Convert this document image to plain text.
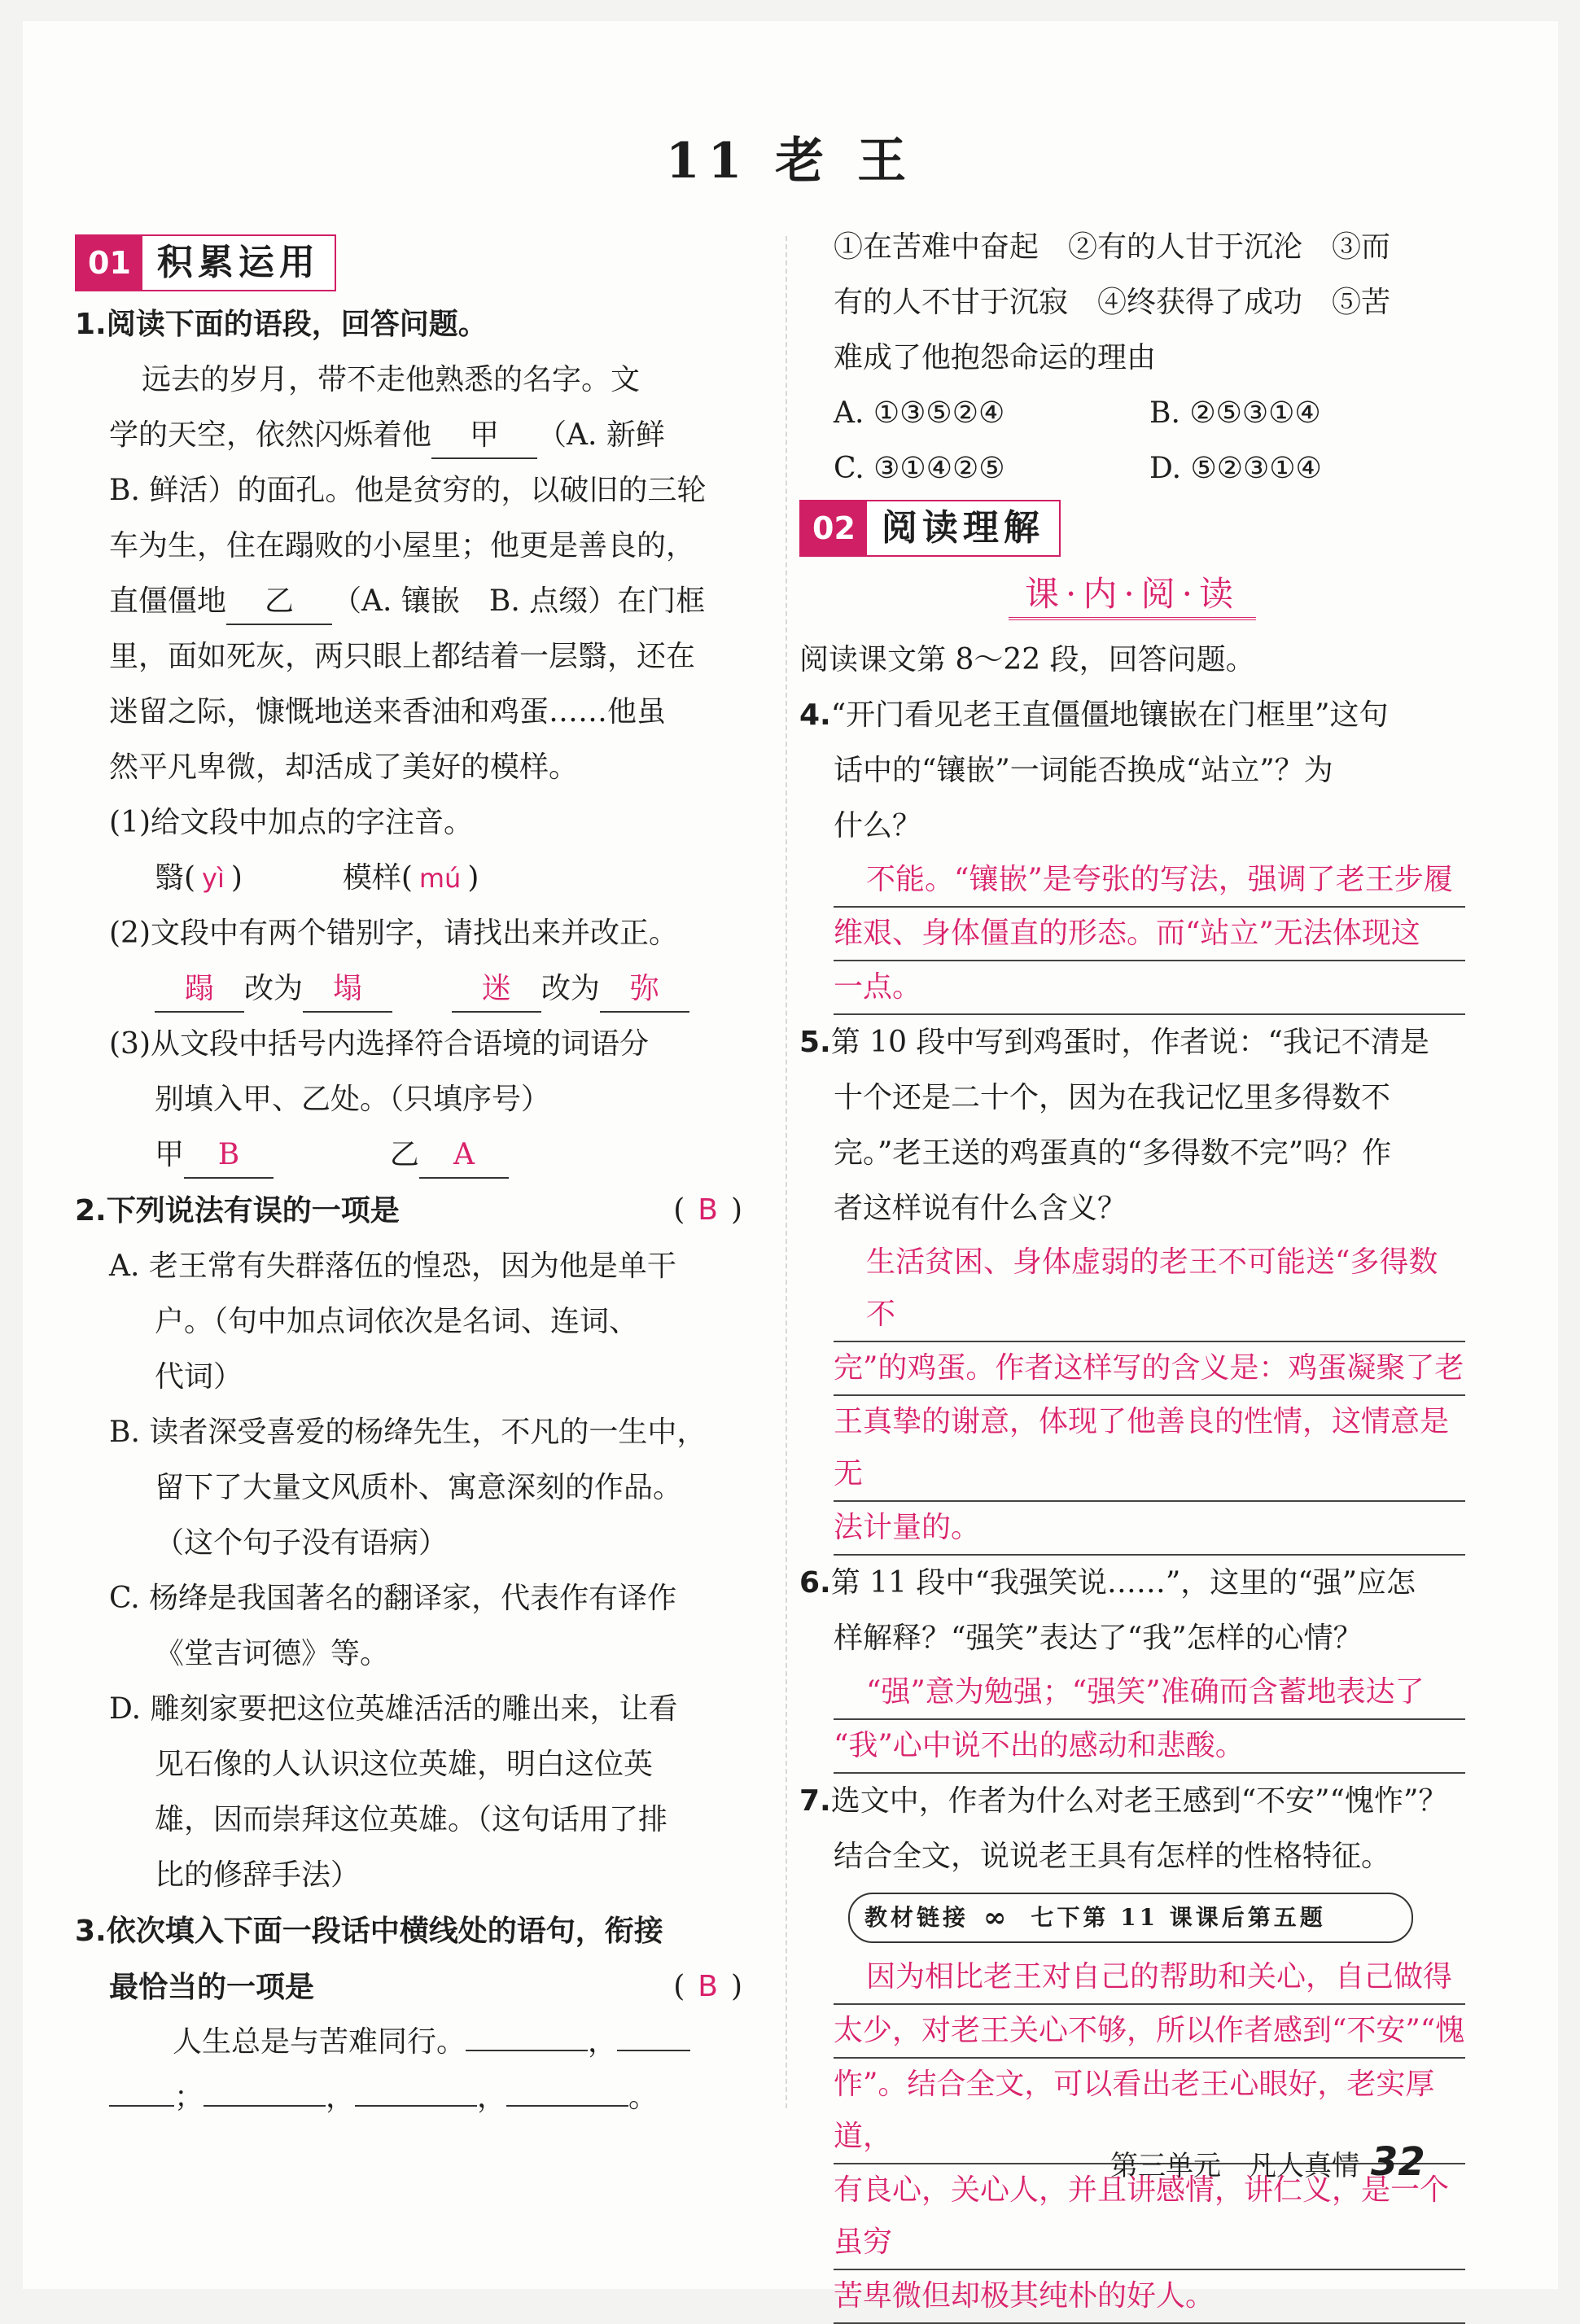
11 老 王
01 积累运用

1.阅读下面的语段，回答问题。

远去的岁月，带不走他熟悉的名字。文

学的天空，依然闪烁着他 甲 （A. 新鲜

B. 鲜活）的面孔。他是贫穷的，以破旧的三轮

车为生，住在蹋败的小屋里；他更是善良的，

直僵僵地 乙 （A. 镶嵌　B. 点缀）在门框

里，面如死灰，两只眼上都结着一层翳，还在

迷留之际，慷慨地送来香油和鸡蛋……他虽

然平凡卑微，却活成了美好的模样。

(1)给文段中加点的字注音。

翳( yì )	模样( mú )

(2)文段中有两个错别字，请找出来并改正。

蹋 改为 塌	迷 改为 弥

(3)从文段中括号内选择符合语境的词语分

别填入甲、乙处。（只填序号）

甲 B	乙 A

2.下列说法有误的一项是	( B )

A. 老王常有失群落伍的惶恐，因为他是单干

户。（句中加点词依次是名词、连词、

代词）

B. 读者深受喜爱的杨绛先生，不凡的一生中，

留下了大量文风质朴、寓意深刻的作品。

（这个句子没有语病）

C. 杨绛是我国著名的翻译家，代表作有译作

《堂吉诃德》等。

D. 雕刻家要把这位英雄活活的雕出来，让看

见石像的人认识这位英雄，明白这位英

雄，因而崇拜这位英雄。（这句话用了排

比的修辞手法）

3.依次填入下面一段话中横线处的语句，衔接

最恰当的一项是	( B )

人生总是与苦难同行。	，

；	，	，	。

①在苦难中奋起　②有的人甘于沉沦　③而

有的人不甘于沉寂　④终获得了成功　⑤苦

难成了他抱怨命运的理由

A. ①③⑤②④	B. ②⑤③①④
C. ③①④②⑤	D. ⑤②③①④
02 阅读理解
课·内·阅·读

阅读课文第 8～22 段，回答问题。

4.“开门看见老王直僵僵地镶嵌在门框里”这句

话中的“镶嵌”一词能否换成“站立”？为

什么？

不能。“镶嵌”是夸张的写法，强调了老王步履

维艰、身体僵直的形态。而“站立”无法体现这

一点。

5.第 10 段中写到鸡蛋时，作者说：“我记不清是

十个还是二十个，因为在我记忆里多得数不

完。”老王送的鸡蛋真的“多得数不完”吗？作

者这样说有什么含义？

生活贫困、身体虚弱的老王不可能送“多得数不

完”的鸡蛋。作者这样写的含义是：鸡蛋凝聚了老

王真挚的谢意，体现了他善良的性情，这情意是无

法计量的。

6.第 11 段中“我强笑说……”，这里的“强”应怎

样解释？“强笑”表达了“我”怎样的心情？

“强”意为勉强；“强笑”准确而含蓄地表达了

“我”心中说不出的感动和悲酸。

7.选文中，作者为什么对老王感到“不安”“愧怍”？

结合全文，说说老王具有怎样的性格特征。

教材链接 ∞	七下第 11 课课后第五题

因为相比老王对自己的帮助和关心，自己做得

太少，对老王关心不够，所以作者感到“不安”“愧

怍”。结合全文，可以看出老王心眼好，老实厚道，

有良心，关心人，并且讲感情，讲仁义，是一个虽穷

苦卑微但却极其纯朴的好人。

第三单元　凡人真情 32
